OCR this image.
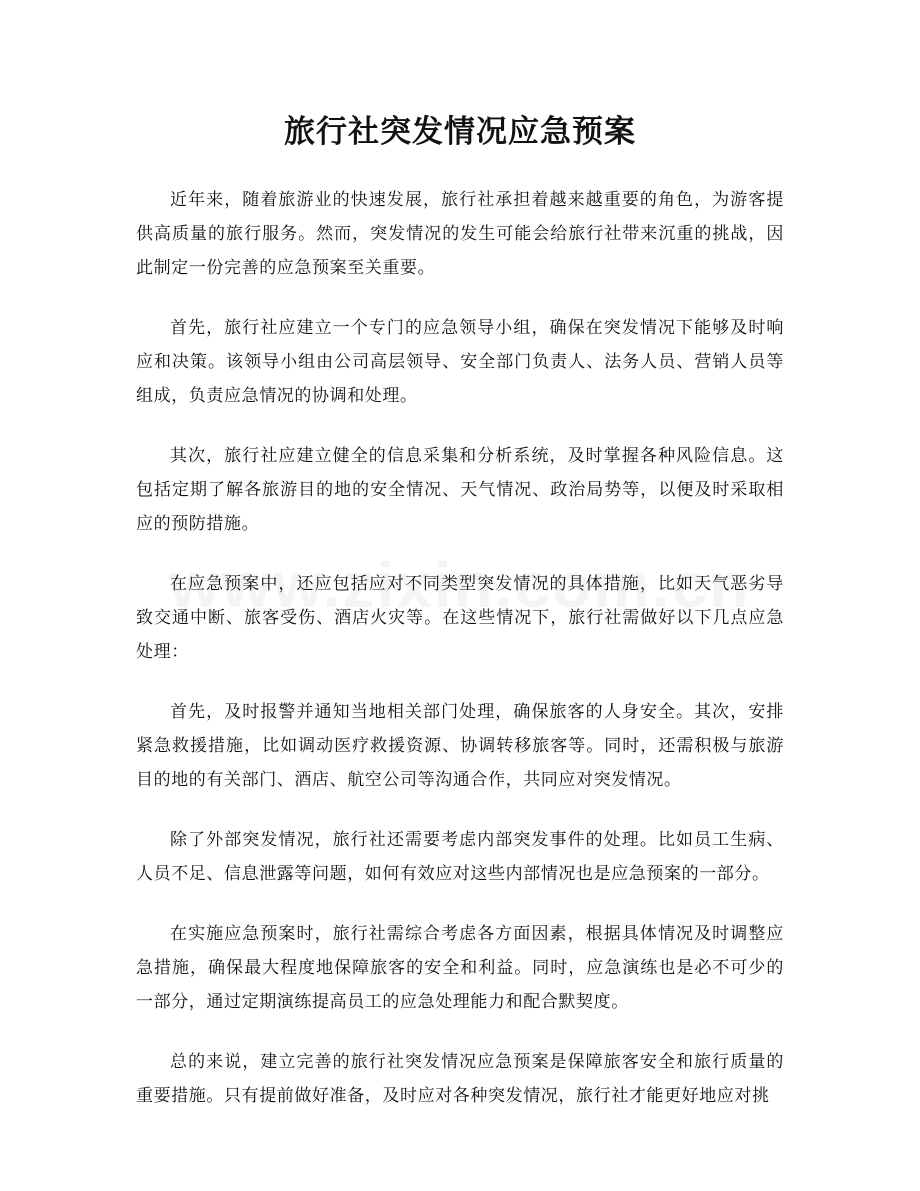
旅行社突发情况应急预案

近年来，随着旅游业的快速发展，旅行社承担着越来越重要的角色，为游客提供高质量的旅行服务。然而，突发情况的发生可能会给旅行社带来沉重的挑战，因此制定一份完善的应急预案至关重要。

首先，旅行社应建立一个专门的应急领导小组，确保在突发情况下能够及时响应和决策。该领导小组由公司高层领导、安全部门负责人、法务人员、营销人员等组成，负责应急情况的协调和处理。

其次，旅行社应建立健全的信息采集和分析系统，及时掌握各种风险信息。这包括定期了解各旅游目的地的安全情况、天气情况、政治局势等，以便及时采取相应的预防措施。

在应急预案中，还应包括应对不同类型突发情况的具体措施，比如天气恶劣导致交通中断、旅客受伤、酒店火灾等。在这些情况下，旅行社需做好以下几点应急处理：

首先，及时报警并通知当地相关部门处理，确保旅客的人身安全。其次，安排紧急救援措施，比如调动医疗救援资源、协调转移旅客等。同时，还需积极与旅游目的地的有关部门、酒店、航空公司等沟通合作，共同应对突发情况。

除了外部突发情况，旅行社还需要考虑内部突发事件的处理。比如员工生病、人员不足、信息泄露等问题，如何有效应对这些内部情况也是应急预案的一部分。

在实施应急预案时，旅行社需综合考虑各方面因素，根据具体情况及时调整应急措施，确保最大程度地保障旅客的安全和利益。同时，应急演练也是必不可少的一部分，通过定期演练提高员工的应急处理能力和配合默契度。

总的来说，建立完善的旅行社突发情况应急预案是保障旅客安全和旅行质量的重要措施。只有提前做好准备，及时应对各种突发情况，旅行社才能更好地应对挑
